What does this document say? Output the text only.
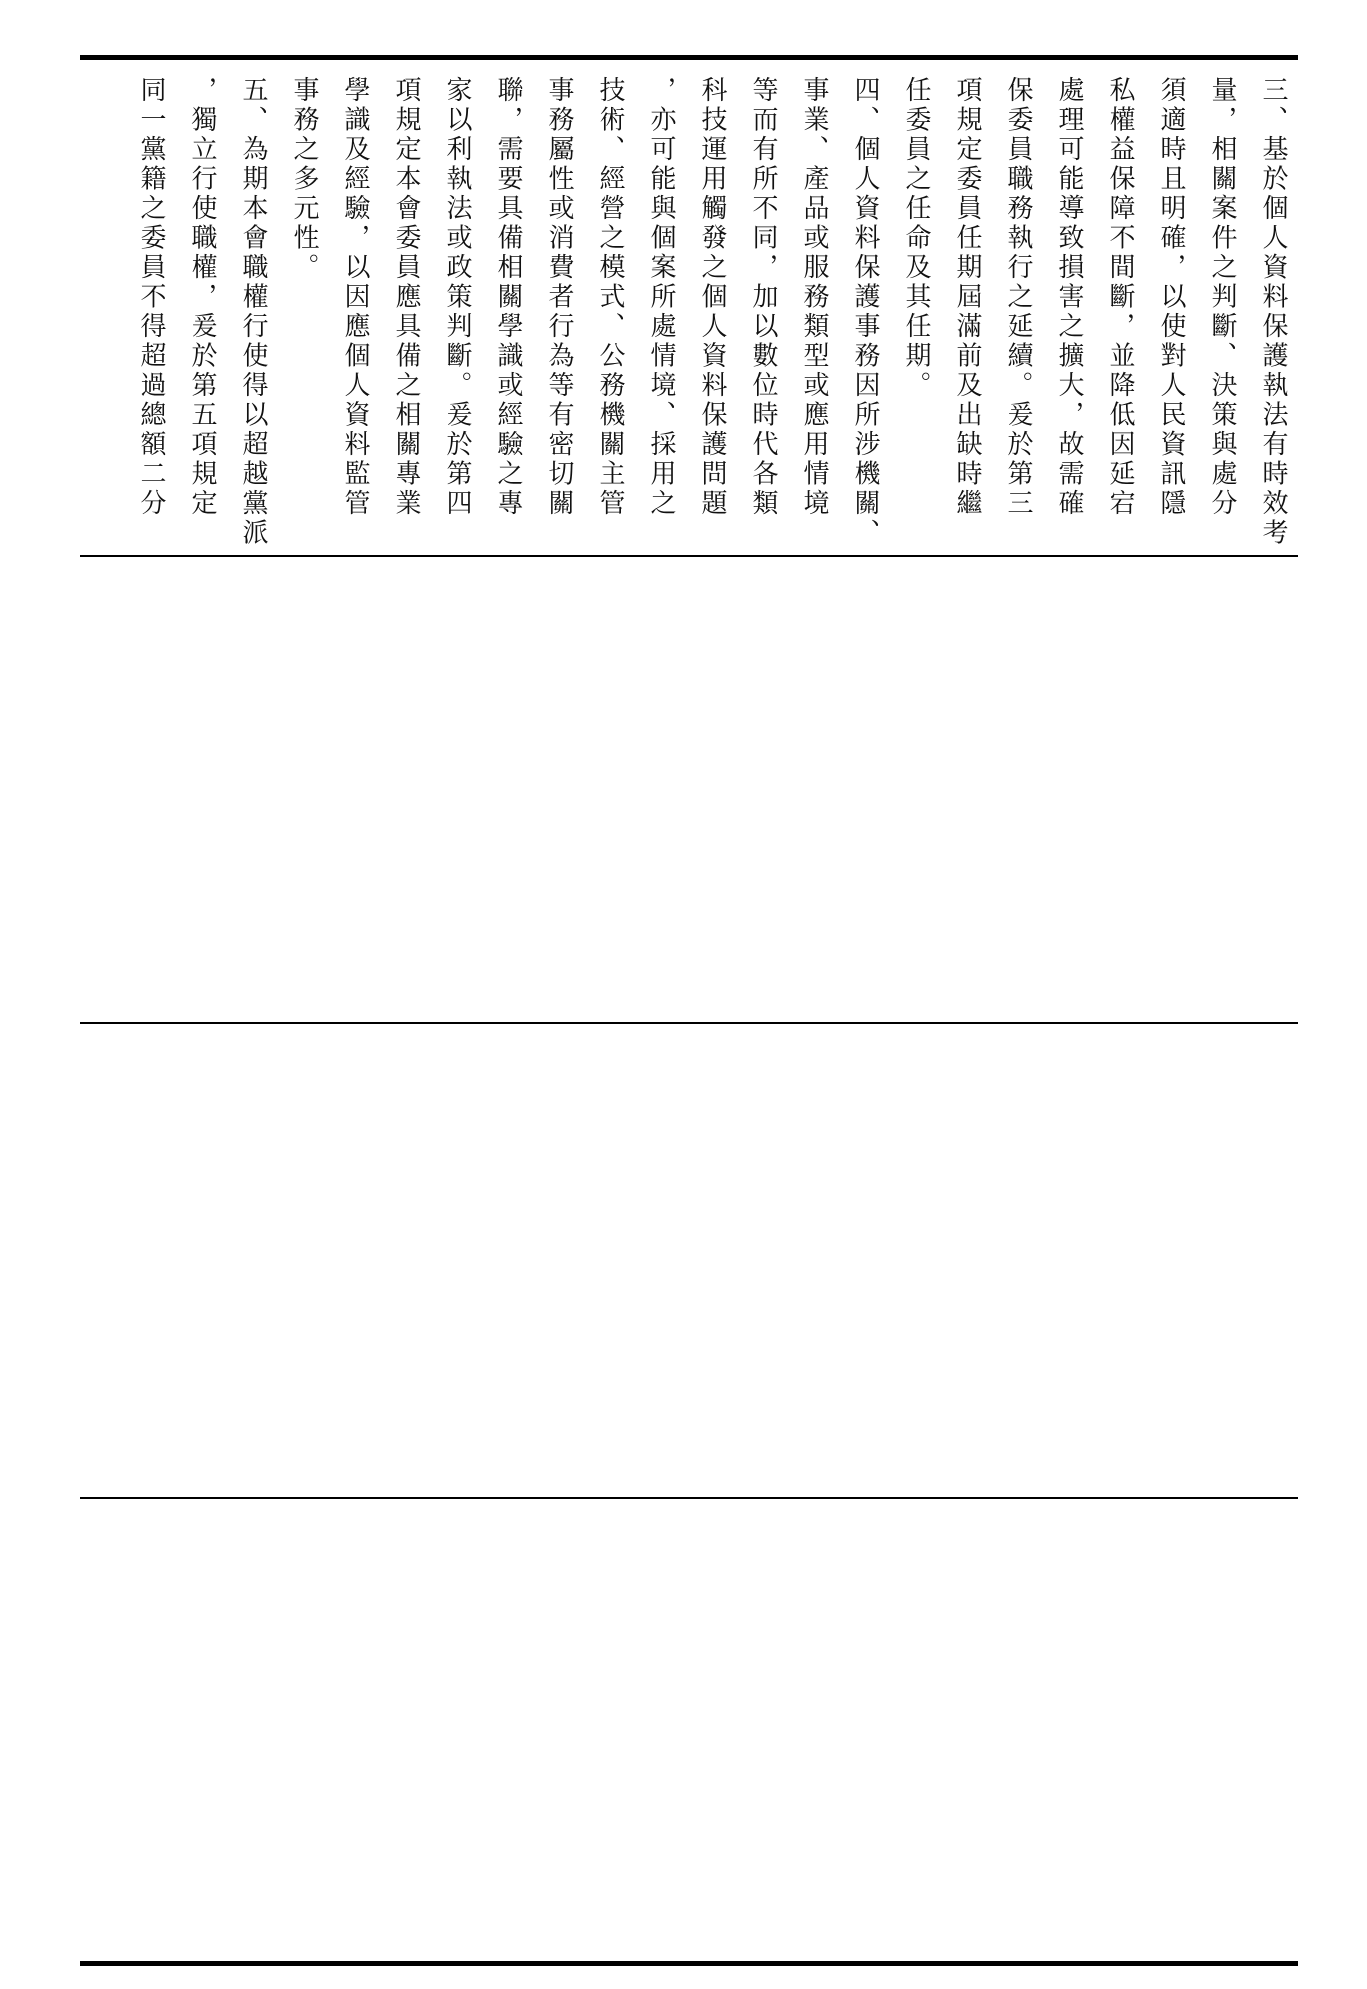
三、基於個人資料保護執法有時效考
量，相關案件之判斷、決策與處分
須適時且明確，以使對人民資訊隱
私權益保障不間斷，並降低因延宕
處理可能導致損害之擴大，故需確
保委員職務執行之延續。爰於第三
項規定委員任期屆滿前及出缺時繼
任委員之任命及其任期。
四、個人資料保護事務因所涉機關、
事業、產品或服務類型或應用情境
等而有所不同，加以數位時代各類
科技運用觸發之個人資料保護問題
，亦可能與個案所處情境、採用之
技術、經營之模式、公務機關主管
事務屬性或消費者行為等有密切關
聯，需要具備相關學識或經驗之專
家以利執法或政策判斷。爰於第四
項規定本會委員應具備之相關專業
學識及經驗，以因應個人資料監管
事務之多元性。
五、為期本會職權行使得以超越黨派
，獨立行使職權，爰於第五項規定
同一黨籍之委員不得超過總額二分
